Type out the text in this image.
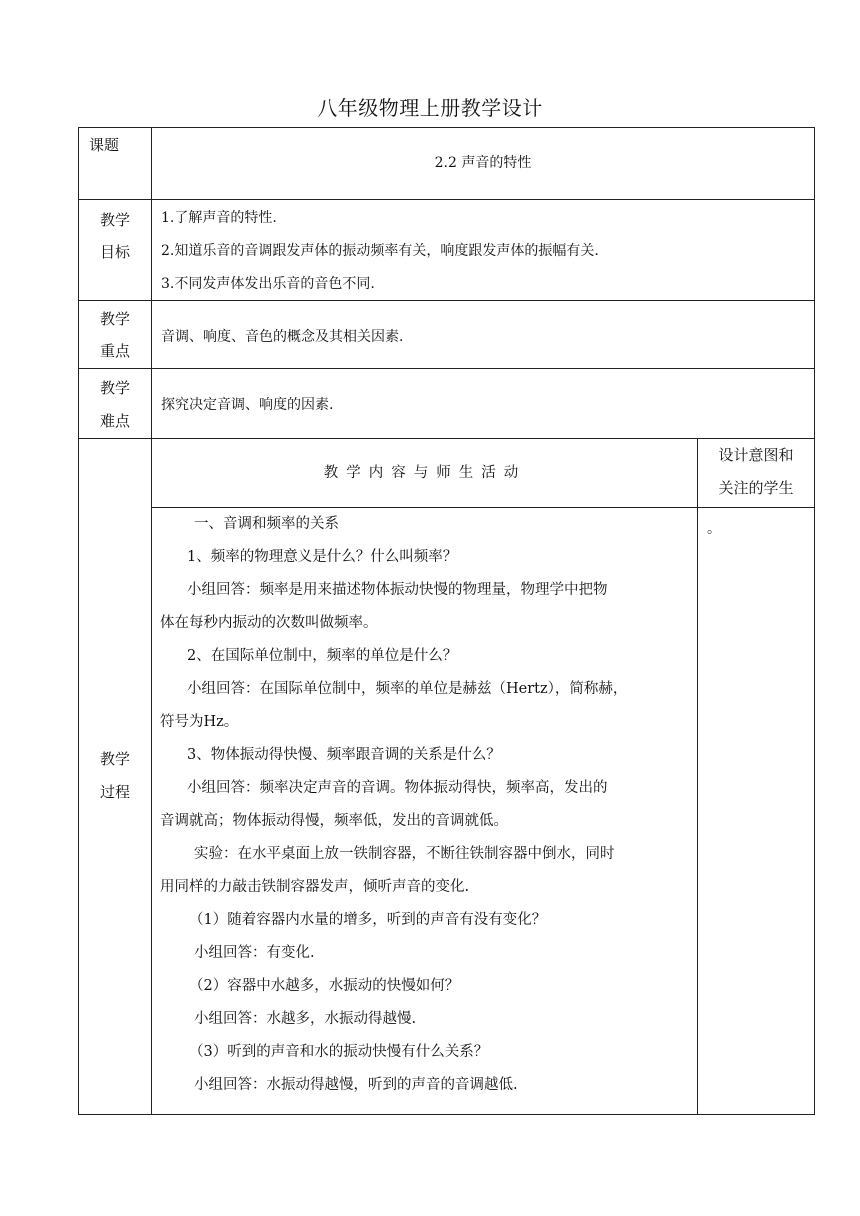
八年级物理上册教学设计
课题
2.2 声音的特性
教学
目标
1.了解声音的特性.
2.知道乐音的音调跟发声体的振动频率有关，响度跟发声体的振幅有关.
3.不同发声体发出乐音的音色不同.
教学
重点
音调、响度、音色的概念及其相关因素.
教学
难点
探究决定音调、响度的因素.
教学
过程
教学内容与师生活动
设计意图和
关注的学生
。
一、音调和频率的关系
1、频率的物理意义是什么？什么叫频率？
小组回答：频率是用来描述物体振动快慢的物理量，物理学中把物
体在每秒内振动的次数叫做频率。
2、在国际单位制中，频率的单位是什么？
小组回答：在国际单位制中，频率的单位是赫兹（Hertz），简称赫，
符号为Hz。
3、物体振动得快慢、频率跟音调的关系是什么？
小组回答：频率决定声音的音调。物体振动得快，频率高，发出的
音调就高；物体振动得慢，频率低，发出的音调就低。
实验：在水平桌面上放一铁制容器，不断往铁制容器中倒水，同时
用同样的力敲击铁制容器发声，倾听声音的变化.
（1）随着容器内水量的增多，听到的声音有没有变化？
小组回答：有变化.
（2）容器中水越多，水振动的快慢如何？
小组回答：水越多，水振动得越慢.
（3）听到的声音和水的振动快慢有什么关系？
小组回答：水振动得越慢，听到的声音的音调越低.
